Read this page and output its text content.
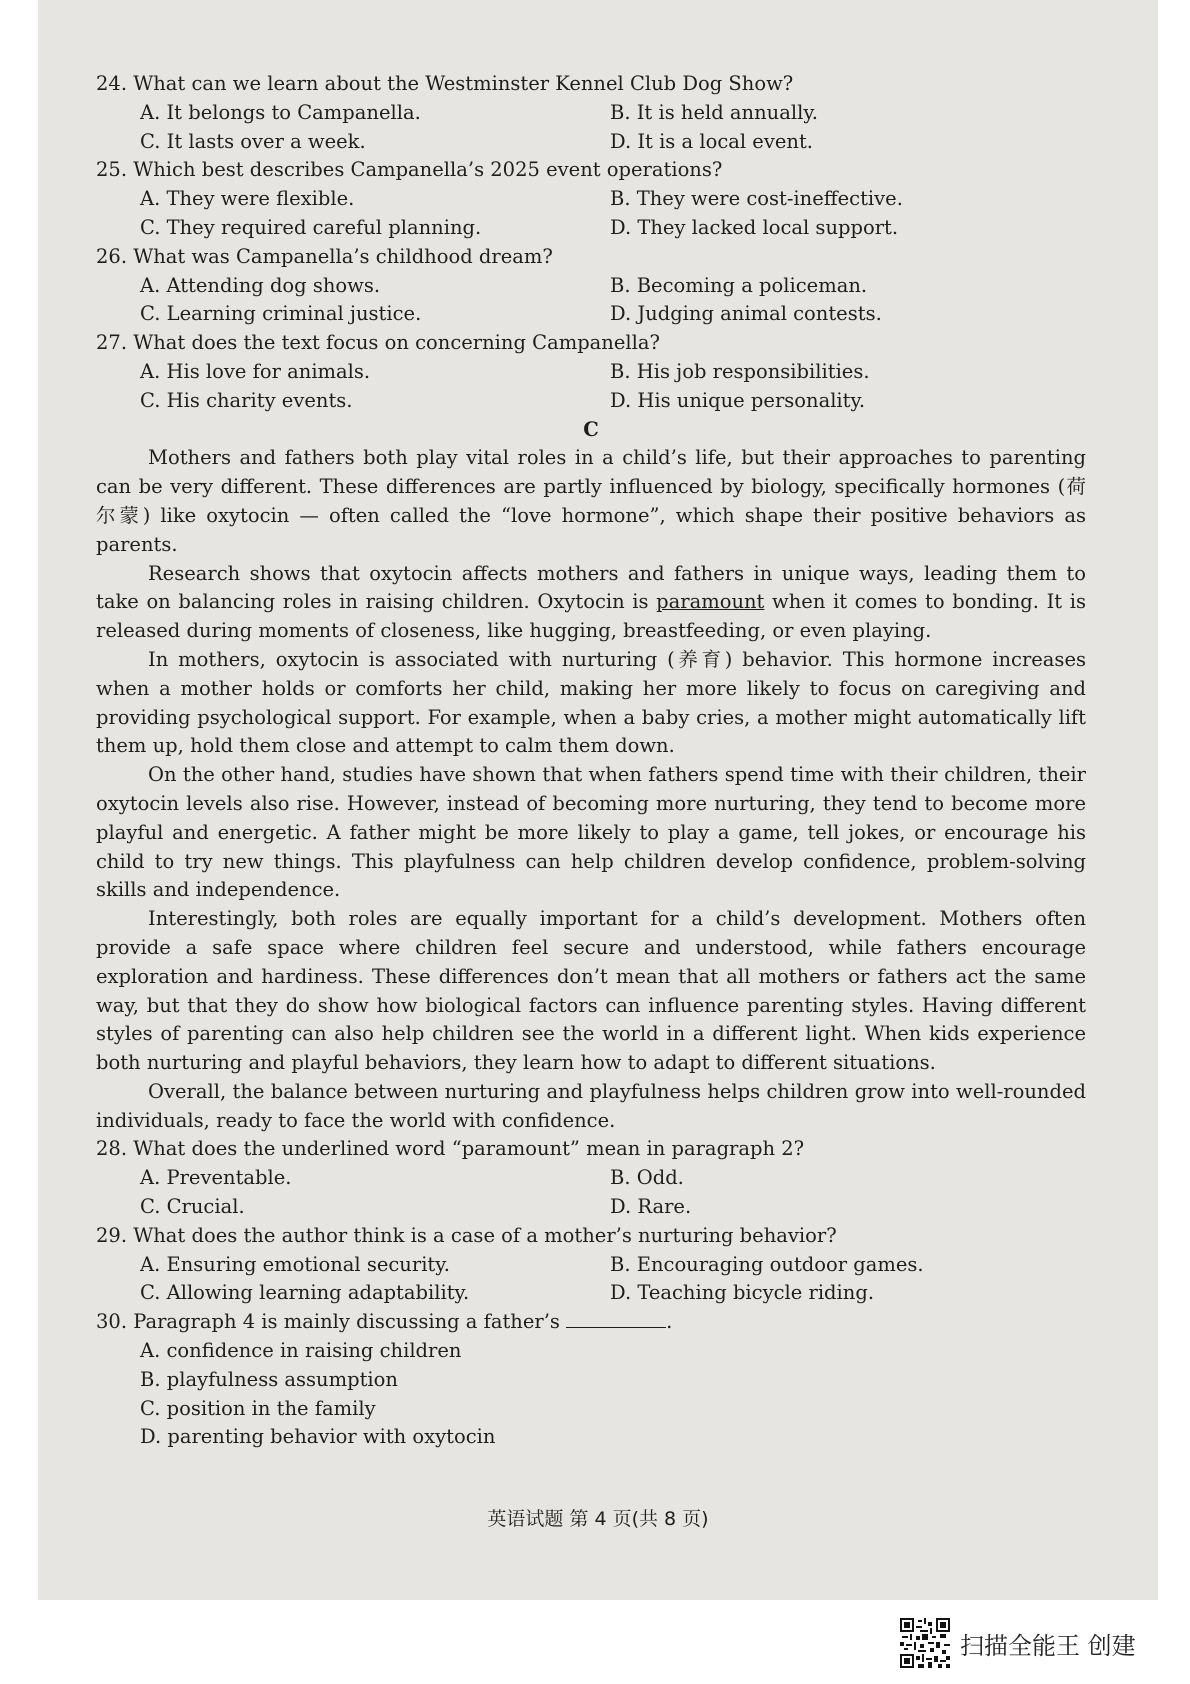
24. What can we learn about the Westminster Kennel Club Dog Show?

A. It belongs to Campanella.	B. It is held annually.
C. It lasts over a week.	D. It is a local event.

25. Which best describes Campanella’s 2025 event operations?

A. They were flexible.	B. They were cost-ineffective.
C. They required careful planning.	D. They lacked local support.

26. What was Campanella’s childhood dream?

A. Attending dog shows.	B. Becoming a policeman.
C. Learning criminal justice.	D. Judging animal contests.

27. What does the text focus on concerning Campanella?

A. His love for animals.	B. His job responsibilities.
C. His charity events.	D. His unique personality.

C

Mothers and fathers both play vital roles in a child’s life, but their approaches to parenting can be very different. These differences are partly influenced by biology, specifically hormones (荷尔蒙) like oxytocin — often called the “love hormone”, which shape their positive behaviors as parents.

Research shows that oxytocin affects mothers and fathers in unique ways, leading them to take on balancing roles in raising children. Oxytocin is paramount when it comes to bonding. It is released during moments of closeness, like hugging, breastfeeding, or even playing.

In mothers, oxytocin is associated with nurturing (养育) behavior. This hormone increases when a mother holds or comforts her child, making her more likely to focus on caregiving and providing psychological support. For example, when a baby cries, a mother might automatically lift them up, hold them close and attempt to calm them down.

On the other hand, studies have shown that when fathers spend time with their children, their oxytocin levels also rise. However, instead of becoming more nurturing, they tend to become more playful and energetic. A father might be more likely to play a game, tell jokes, or encourage his child to try new things. This playfulness can help children develop confidence, problem-solving skills and independence.

Interestingly, both roles are equally important for a child’s development. Mothers often provide a safe space where children feel secure and understood, while fathers encourage exploration and hardiness. These differences don’t mean that all mothers or fathers act the same way, but that they do show how biological factors can influence parenting styles. Having different styles of parenting can also help children see the world in a different light. When kids experience both nurturing and playful behaviors, they learn how to adapt to different situations.

Overall, the balance between nurturing and playfulness helps children grow into well-rounded individuals, ready to face the world with confidence.

28. What does the underlined word “paramount” mean in paragraph 2?

A. Preventable.	B. Odd.
C. Crucial.	D. Rare.

29. What does the author think is a case of a mother’s nurturing behavior?

A. Ensuring emotional security.	B. Encouraging outdoor games.
C. Allowing learning adaptability.	D. Teaching bicycle riding.

30. Paragraph 4 is mainly discussing a father’s	.

A. confidence in raising children
B. playfulness assumption
C. position in the family
D. parenting behavior with oxytocin
英语试题 第 4 页(共 8 页)
扫描全能王 创建
